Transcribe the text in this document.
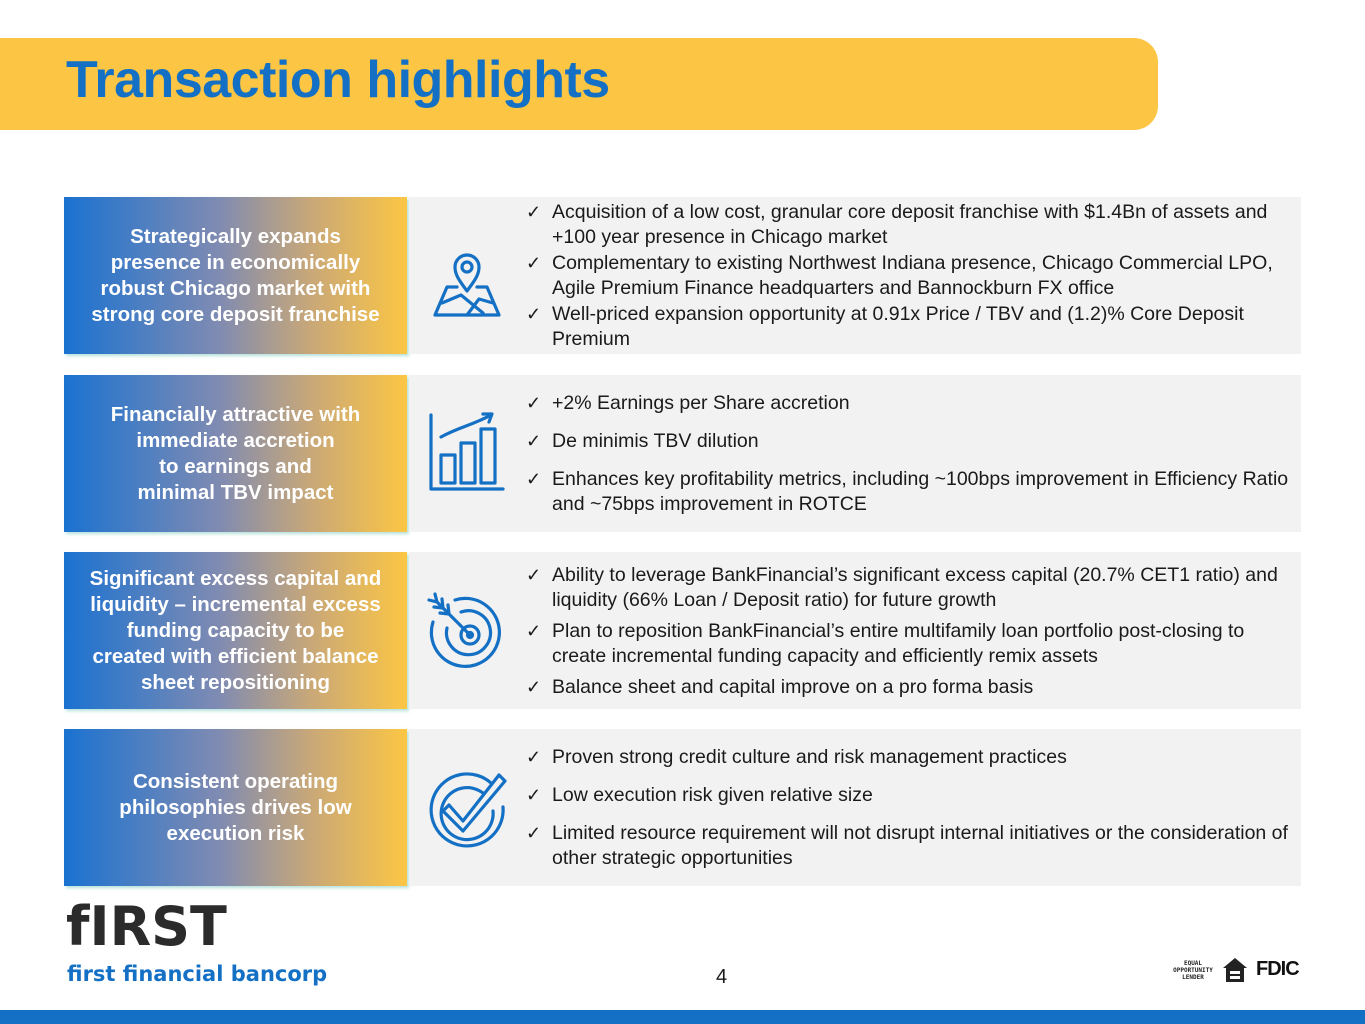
Transaction highlights
Strategically expands
presence in economically
robust Chicago market with
strong core deposit franchise
✓ Acquisition of a low cost, granular core deposit franchise with $1.4Bn of assets and +100 year presence in Chicago market
✓ Complementary to existing Northwest Indiana presence, Chicago Commercial LPO, Agile Premium Finance headquarters and Bannockburn FX office
✓ Well-priced expansion opportunity at 0.91x Price / TBV and (1.2)% Core Deposit Premium
Financially attractive with
immediate accretion
to earnings and
minimal TBV impact
✓ +2% Earnings per Share accretion
✓ De minimis TBV dilution
✓ Enhances key profitability metrics, including ~100bps improvement in Efficiency Ratio and ~75bps improvement in ROTCE
Significant excess capital and
liquidity – incremental excess
funding capacity to be
created with efficient balance
sheet repositioning
✓ Ability to leverage BankFinancial’s significant excess capital (20.7% CET1 ratio) and liquidity (66% Loan / Deposit ratio) for future growth
✓ Plan to reposition BankFinancial’s entire multifamily loan portfolio post-closing to create incremental funding capacity and efficiently remix assets
✓ Balance sheet and capital improve on a pro forma basis
Consistent operating
philosophies drives low
execution risk
✓ Proven strong credit culture and risk management practices
✓ Low execution risk given relative size
✓ Limited resource requirement will not disrupt internal initiatives or the consideration of other strategic opportunities
fIRST
first financial bancorp	4
EQUAL
OPPORTUNITY
LENDER	FDIC
